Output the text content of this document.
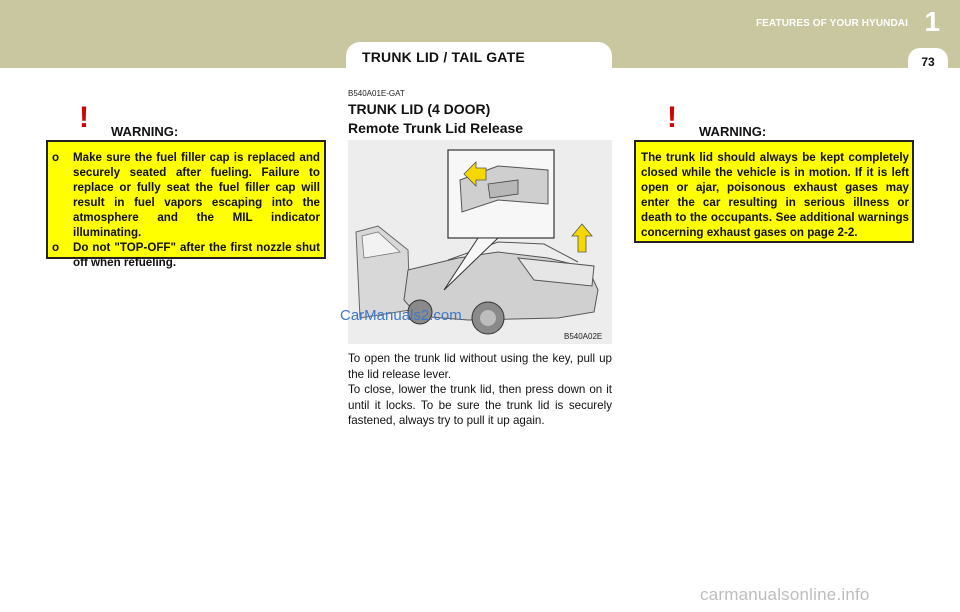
FEATURES OF YOUR HYUNDAI 1
TRUNK LID / TAIL GATE	73
! WARNING:
o Make sure the fuel filler cap is replaced and securely seated after fueling. Failure to replace or fully seat the fuel filler cap will result in fuel vapors escaping into the atmosphere and the MIL indicator illuminating.
o Do not "TOP-OFF" after the first nozzle shut off when refueling.
B540A01E-GAT
TRUNK LID (4 DOOR)
Remote Trunk Lid Release
CarManuals2.com
B540A02E

To open the trunk lid without using the key, pull up the lid release lever.

To close, lower the trunk lid, then press down on it until it locks. To be sure the trunk lid is securely fastened, always try to pull it up again.

! WARNING:
The trunk lid should always be kept completely closed while the vehicle is in motion. If it is left open or ajar, poisonous exhaust gases may enter the car resulting in serious illness or death to the occupants. See additional warnings concerning exhaust gases on page 2-2.
carmanualsonline.info
